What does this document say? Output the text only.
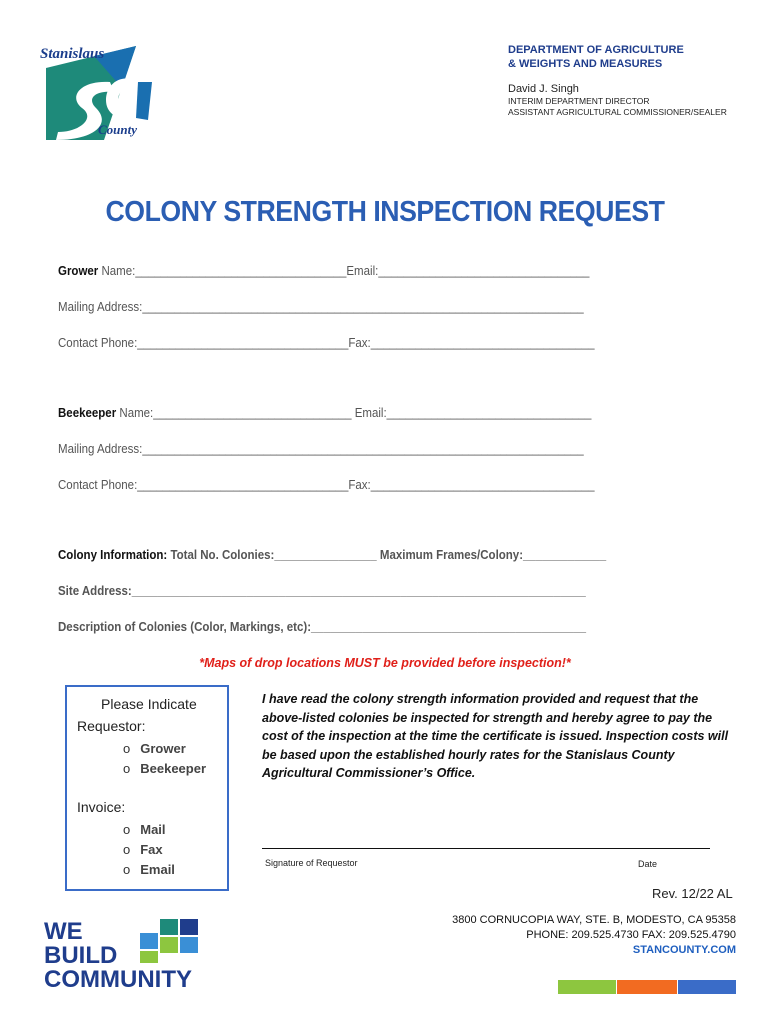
Stanislaus
County
DEPARTMENT OF AGRICULTURE
& WEIGHTS AND MEASURES
David J. Singh
INTERIM DEPARTMENT DIRECTOR
ASSISTANT AGRICULTURAL COMMISSIONER/SEALER
COLONY STRENGTH INSPECTION REQUEST
Grower Name:_________________________________Email:_________________________________
Mailing Address:_____________________________________________________________________
Contact Phone:_________________________________Fax:___________________________________
Beekeeper Name:_______________________________ Email:________________________________
Mailing Address:_____________________________________________________________________
Contact Phone:_________________________________Fax:___________________________________
Colony Information: Total No. Colonies:________________ Maximum Frames/Colony:_____________
Site Address:_______________________________________________________________________
Description of Colonies (Color, Markings, etc):___________________________________________
*Maps of drop locations MUST be provided before inspection!*
Please Indicate
Requestor:
o Grower
o Beekeeper
Invoice:
o Mail
o Fax
o Email
I have read the colony strength information provided and request that the above-listed colonies be inspected for strength and hereby agree to pay the cost of the inspection at the time the certificate is issued. Inspection costs will be based upon the established hourly rates for the Stanislaus County Agricultural Commissioner’s Office.
Signature of Requestor	Date
Rev. 12/22 AL
3800 CORNUCOPIA WAY, STE. B, MODESTO, CA 95358
PHONE: 209.525.4730 FAX: 209.525.4790
STANCOUNTY.COM
WE
BUILD
COMMUNITY
